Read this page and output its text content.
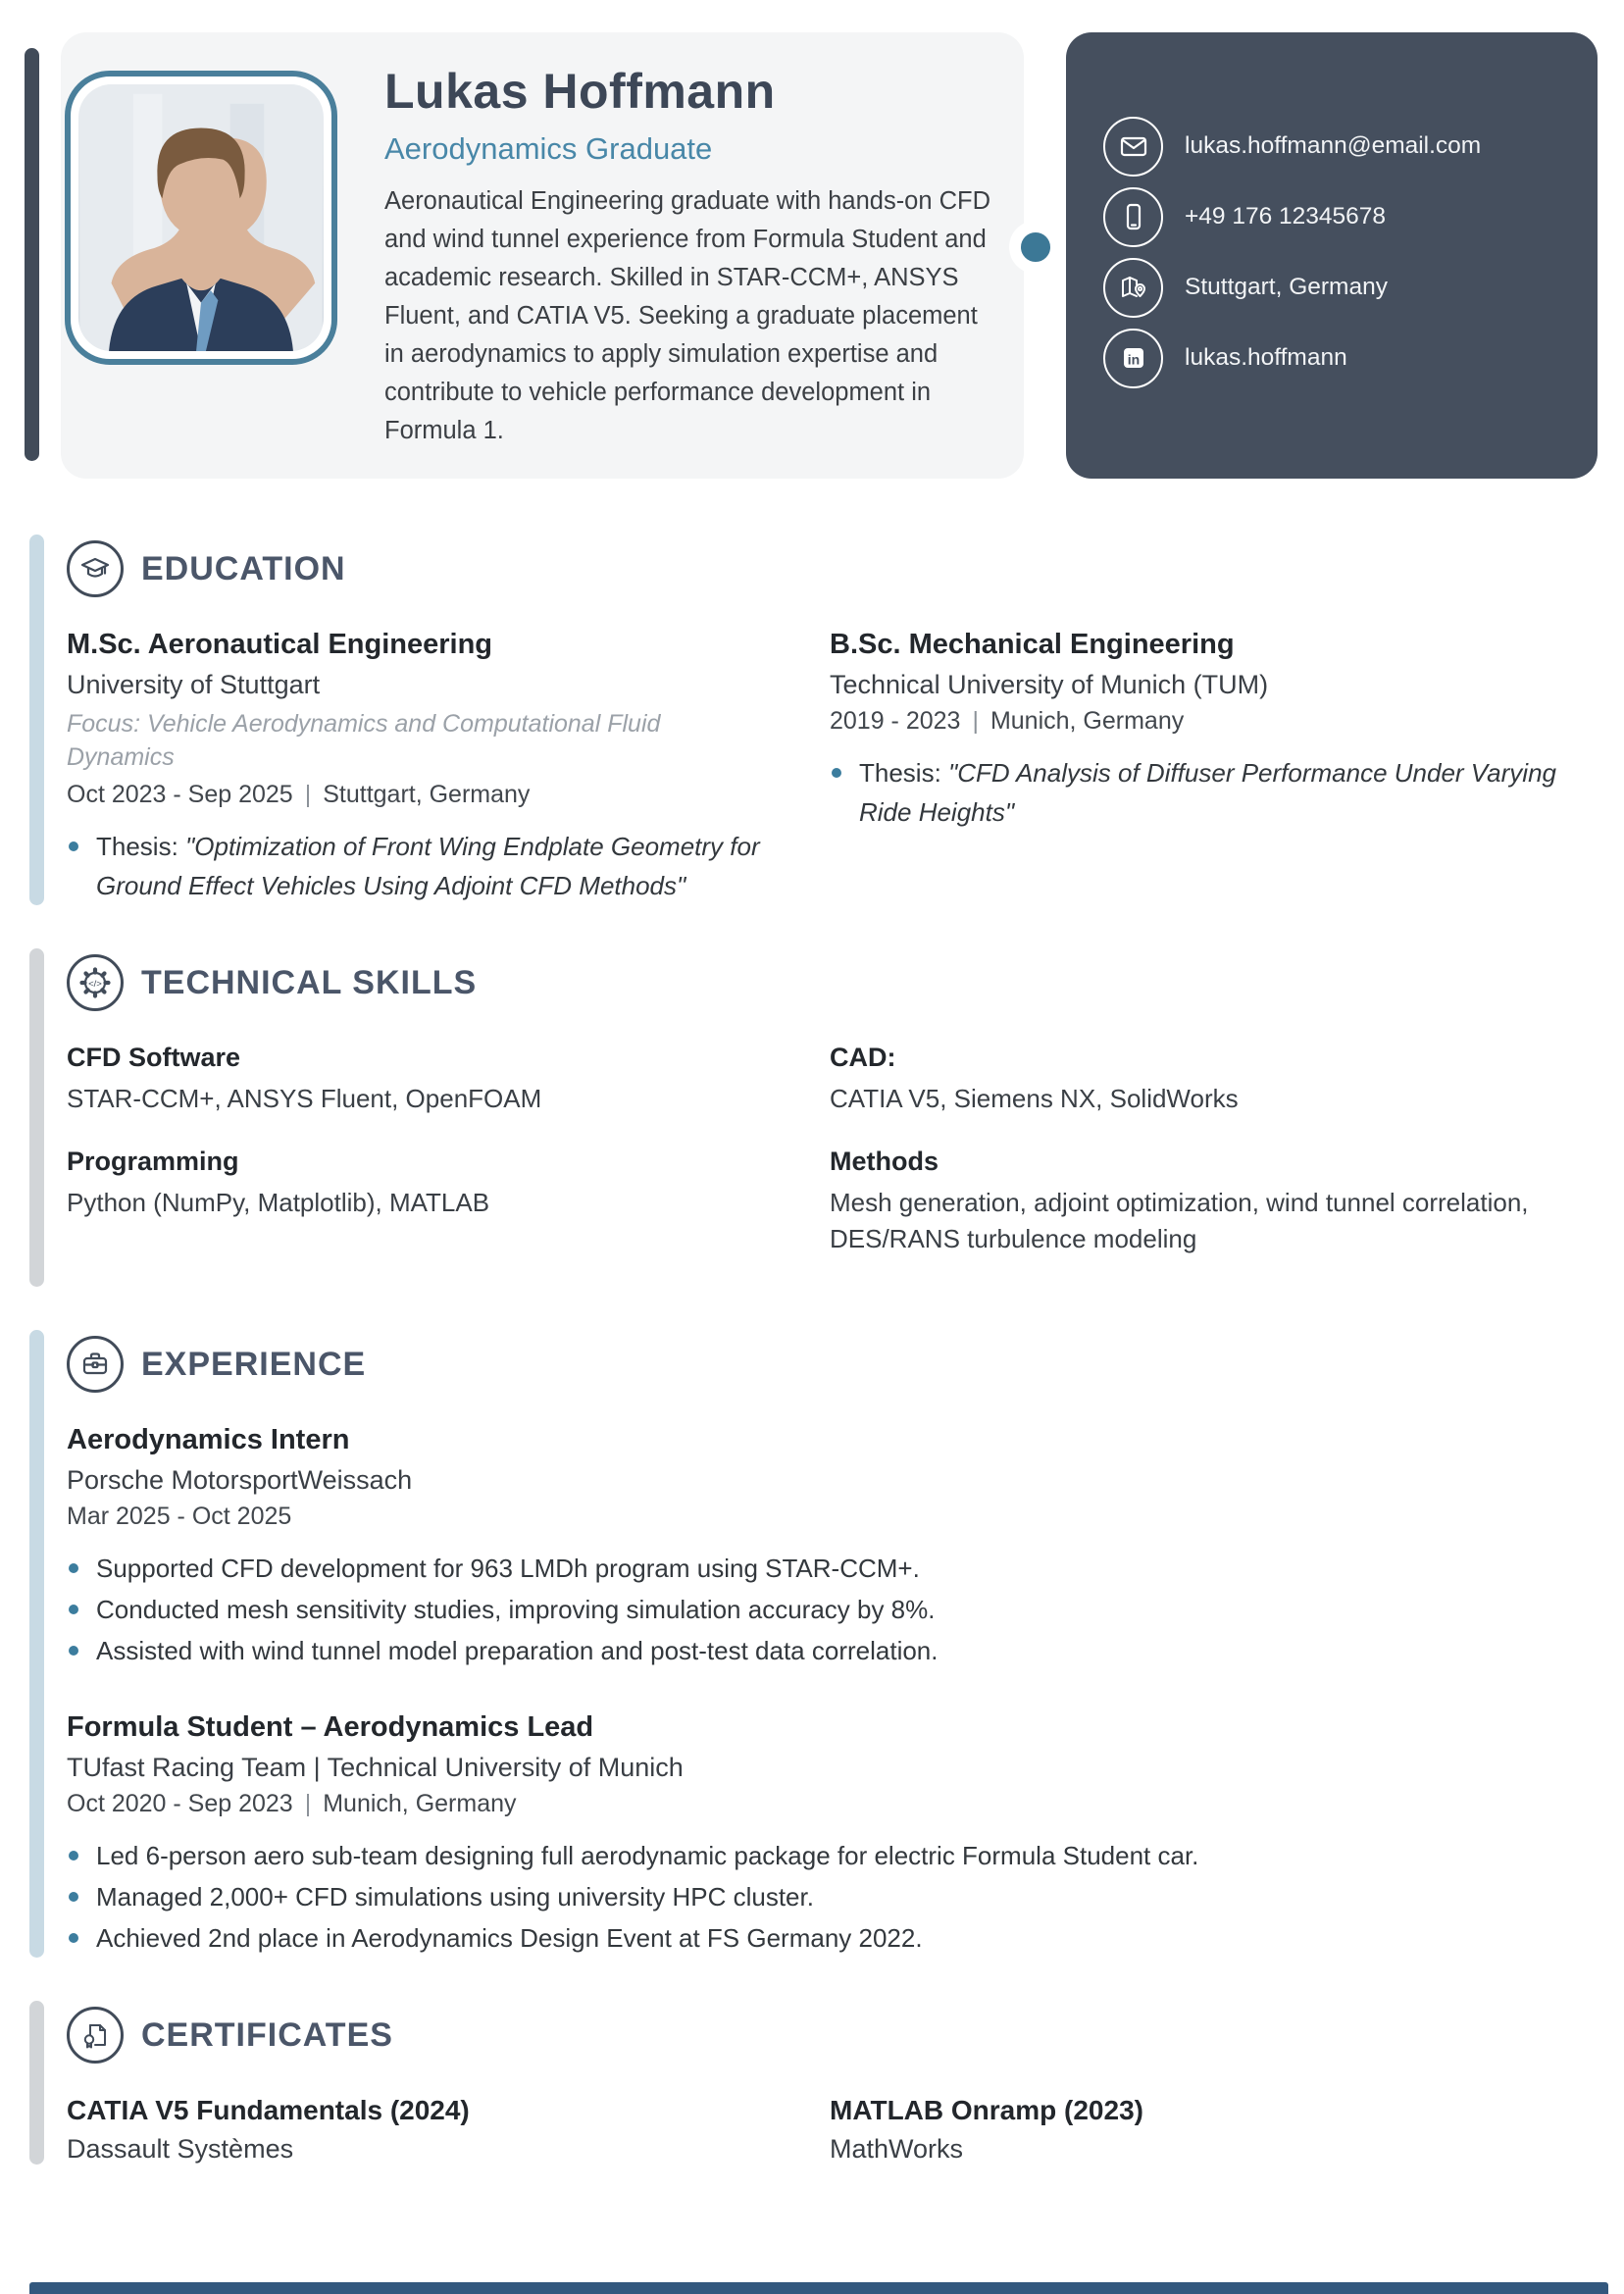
Lukas Hoffmann
Aerodynamics Graduate
Aeronautical Engineering graduate with hands-on CFD and wind tunnel experience from Formula Student and academic research. Skilled in STAR-CCM+, ANSYS Fluent, and CATIA V5. Seeking a graduate placement in aerodynamics to apply simulation expertise and contribute to vehicle performance development in Formula 1.
lukas.hoffmann@email.com
+49 176 12345678
Stuttgart, Germany
in lukas.hoffmann
EDUCATION
M.Sc. Aeronautical Engineering
University of Stuttgart
Focus: Vehicle Aerodynamics and Computational Fluid Dynamics
Oct 2023 - Sep 2025 | Stuttgart, Germany
Thesis: "Optimization of Front Wing Endplate Geometry for Ground Effect Vehicles Using Adjoint CFD Methods"
B.Sc. Mechanical Engineering
Technical University of Munich (TUM)
2019 - 2023 | Munich, Germany
Thesis: "CFD Analysis of Diffuser Performance Under Varying Ride Heights"
</> TECHNICAL SKILLS
CFD Software
STAR-CCM+, ANSYS Fluent, OpenFOAM
Programming
Python (NumPy, Matplotlib), MATLAB
CAD:
CATIA V5, Siemens NX, SolidWorks
Methods
Mesh generation, adjoint optimization, wind tunnel correlation, DES/RANS turbulence modeling
EXPERIENCE
Aerodynamics Intern
Porsche MotorsportWeissach
Mar 2025 - Oct 2025
Supported CFD development for 963 LMDh program using STAR-CCM+.
Conducted mesh sensitivity studies, improving simulation accuracy by 8%.
Assisted with wind tunnel model preparation and post-test data correlation.
Formula Student – Aerodynamics Lead
TUfast Racing Team | Technical University of Munich
Oct 2020 - Sep 2023 | Munich, Germany
Led 6-person aero sub-team designing full aerodynamic package for electric Formula Student car.
Managed 2,000+ CFD simulations using university HPC cluster.
Achieved 2nd place in Aerodynamics Design Event at FS Germany 2022.
CERTIFICATES
CATIA V5 Fundamentals (2024)
Dassault Systèmes
MATLAB Onramp (2023)
MathWorks
